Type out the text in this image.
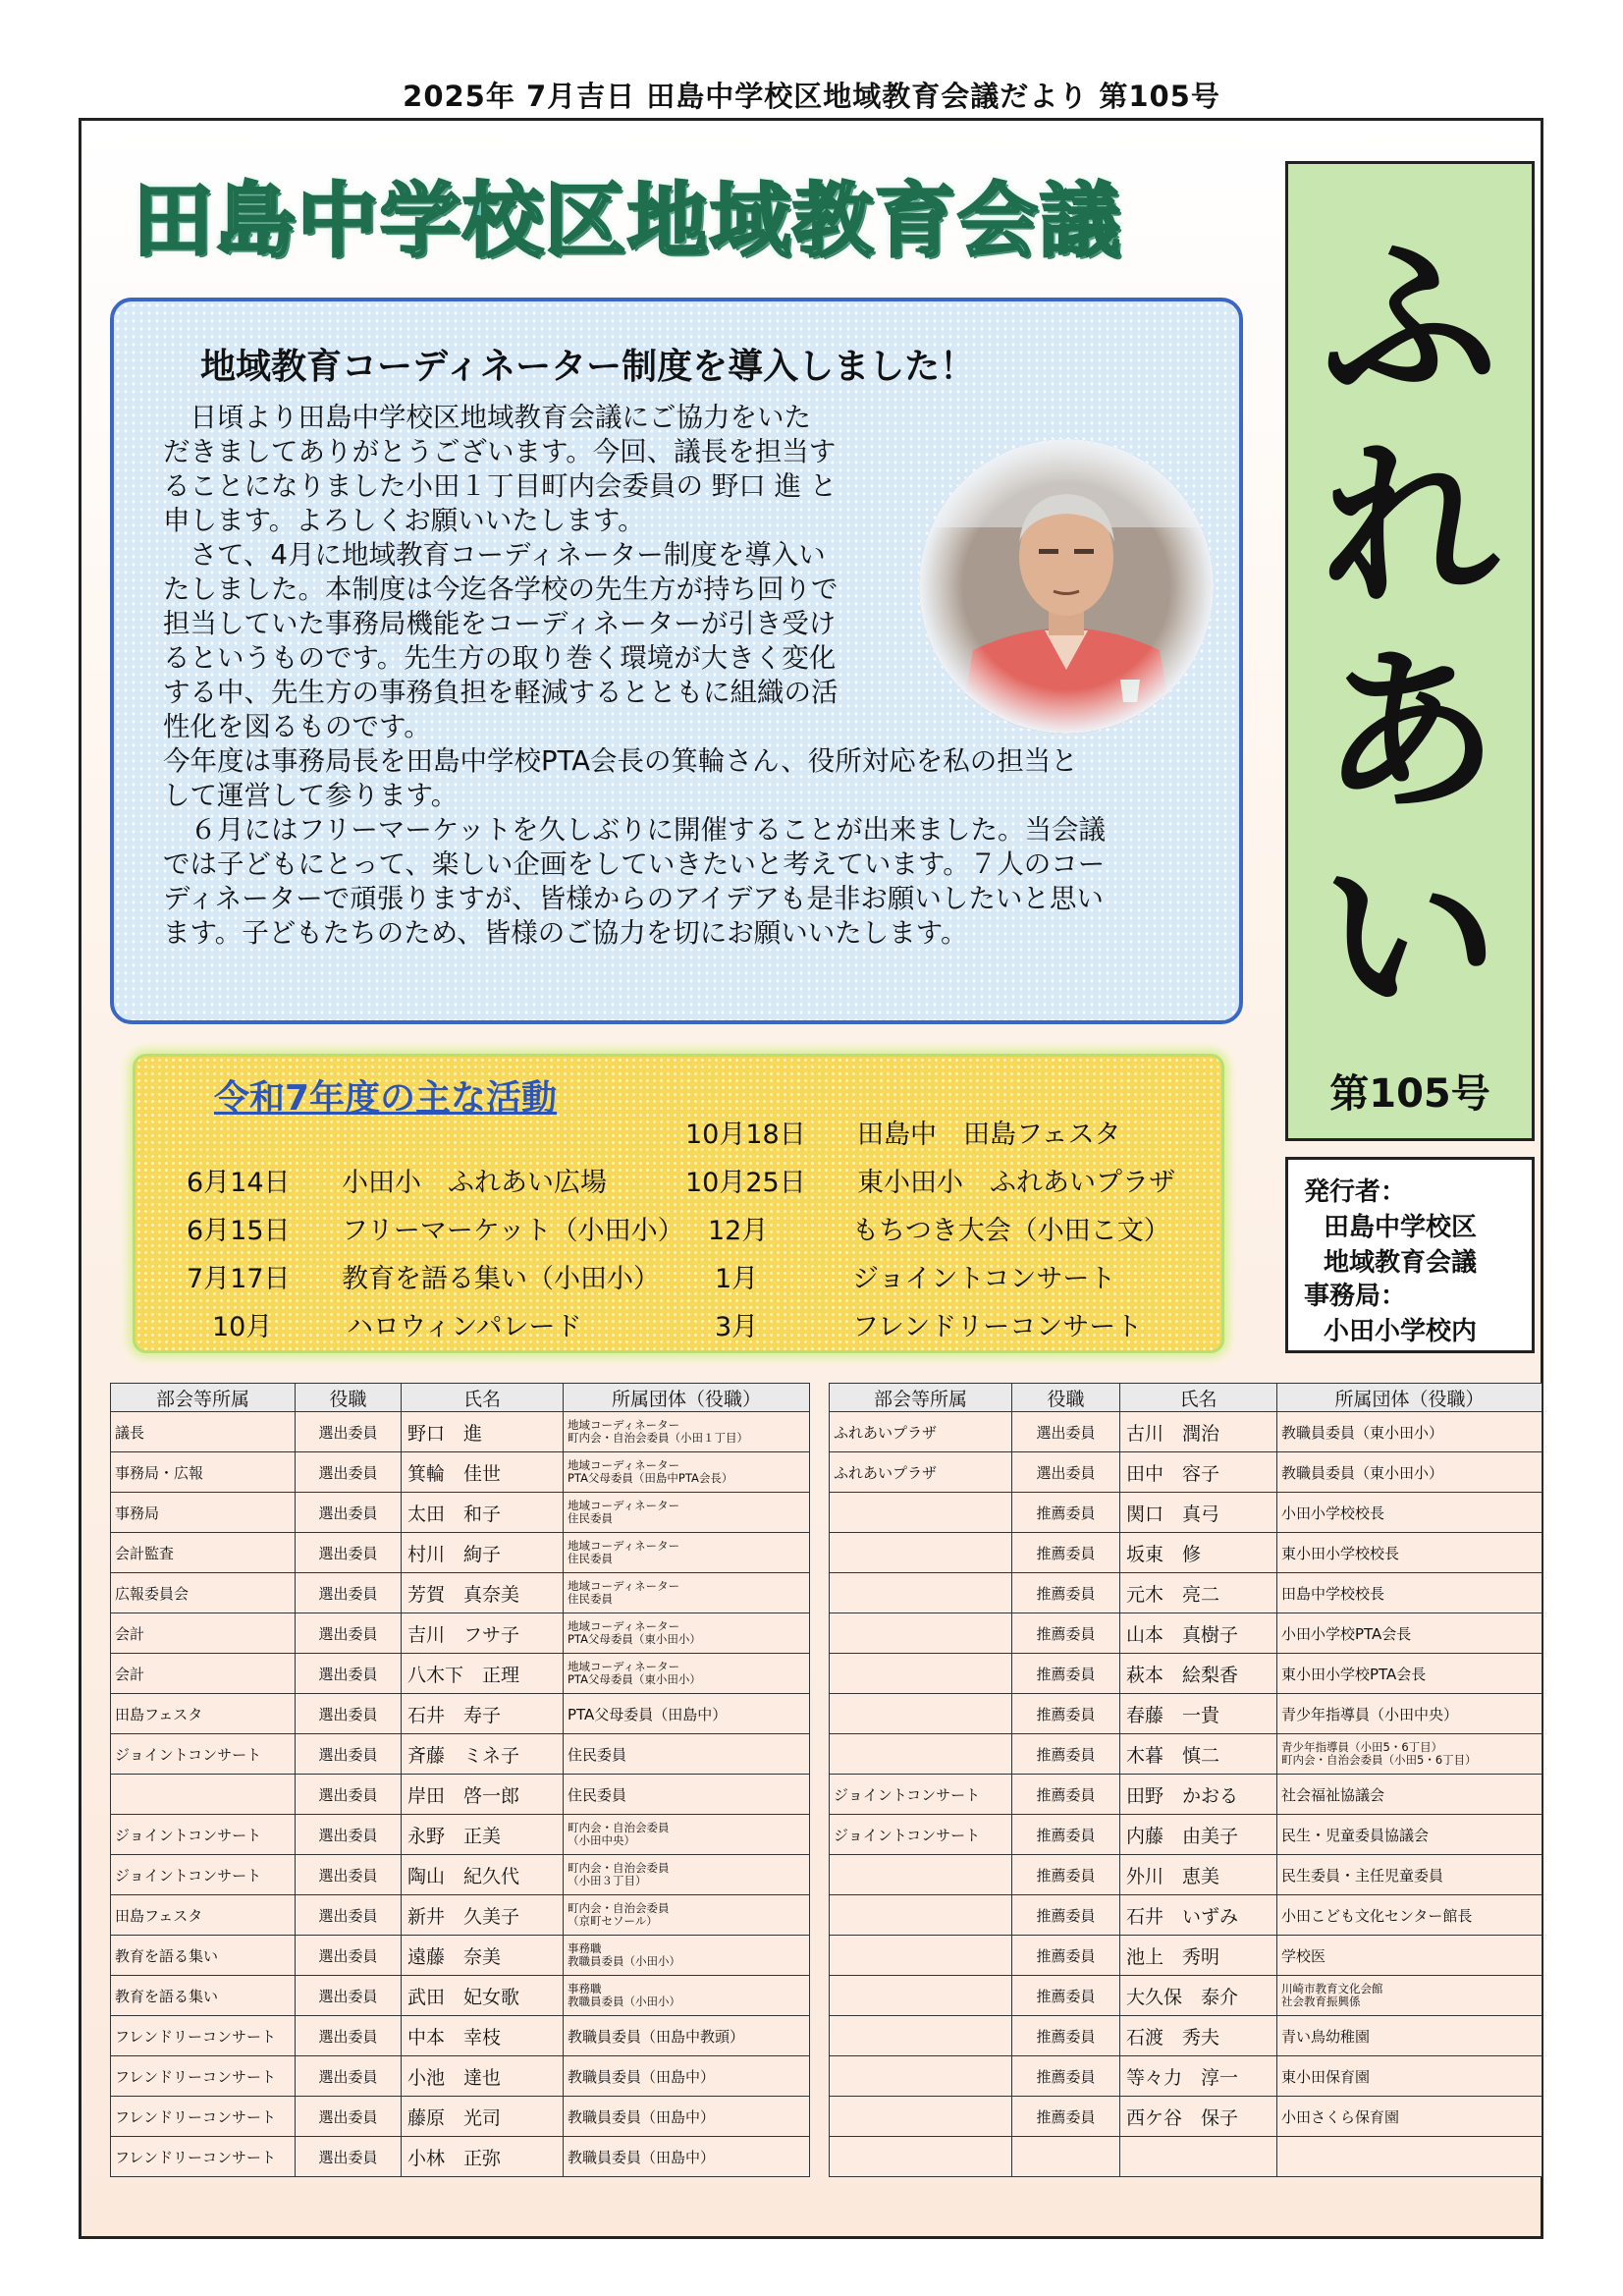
2025年 7月吉日 田島中学校区地域教育会議だより 第105号
田島中学校区地域教育会議 ふ
れ
あ
い
第105号
発行者：
田島中学校区
地域教育会議
事務局：
小田小学校内
地域教育コーディネーター制度を導入しました！

　日頃より田島中学校区地域教育会議にご協力をいた

だきましてありがとうございます。今回、議長を担当す

ることになりました小田１丁目町内会委員の 野口 進 と

申します。よろしくお願いいたします。

　さて、4月に地域教育コーディネーター制度を導入い

たしました。本制度は今迄各学校の先生方が持ち回りで

担当していた事務局機能をコーディネーターが引き受け

るというものです。先生方の取り巻く環境が大きく変化

する中、先生方の事務負担を軽減するとともに組織の活

性化を図るものです。

今年度は事務局長を田島中学校PTA会長の箕輪さん、役所対応を私の担当と

して運営して参ります。

　６月にはフリーマーケットを久しぶりに開催することが出来ました。当会議

では子どもにとって、楽しい企画をしていきたいと考えています。７人のコー

ディネーターで頑張りますが、皆様からのアイデアも是非お願いしたいと思い

ます。子どもたちのため、皆様のご協力を切にお願いいたします。

令和7年度の主な活動
10月18日 田島中　田島フェスタ
6月14日 小田小　ふれあい広場	10月25日 東小田小　ふれあいプラザ
6月15日 フリーマーケット（小田小） 12月	もちつき大会（小田こ文）
7月17日 教育を語る集い（小田小） 1月	ジョイントコンサート
10月	ハロウィンパレード	3月	フレンドリーコンサート
部会等所属	役職	氏名	所属団体（役職）
議長	選出委員	野口　進	地域コーディネーター
町内会・自治会委員（小田１丁目）

事務局・広報	選出委員	箕輪　佳世	地域コーディネーター
PTA父母委員（田島中PTA会長）

事務局	選出委員	太田　和子	地域コーディネーター
住民委員

会計監査	選出委員	村川　絢子	地域コーディネーター
住民委員

広報委員会	選出委員	芳賀　真奈美	地域コーディネーター
住民委員

会計	選出委員	吉川　フサ子	地域コーディネーター
PTA父母委員（東小田小）

会計	選出委員	八木下　正理	地域コーディネーター
PTA父母委員（東小田小）

田島フェスタ	選出委員	石井　寿子	PTA父母委員（田島中）

ジョイントコンサート	選出委員	斉藤　ミネ子	住民委員

	選出委員	岸田　啓一郎	住民委員

ジョイントコンサート	選出委員	永野　正美	町内会・自治会委員
（小田中央）

ジョイントコンサート	選出委員	陶山　紀久代	町内会・自治会委員
（小田３丁目）

田島フェスタ	選出委員	新井　久美子	町内会・自治会委員
（京町セソール）

教育を語る集い	選出委員	遠藤　奈美	事務職
教職員委員（小田小）

教育を語る集い	選出委員	武田　妃女歌	事務職
教職員委員（小田小）

フレンドリーコンサート	選出委員	中本　幸枝	教職員委員（田島中教頭）

フレンドリーコンサート	選出委員	小池　達也	教職員委員（田島中）

フレンドリーコンサート	選出委員	藤原　光司	教職員委員（田島中）

フレンドリーコンサート	選出委員	小林　正弥	教職員委員（田島中）
部会等所属	役職	氏名	所属団体（役職）
ふれあいプラザ	選出委員	古川　潤治	教職員委員（東小田小）

ふれあいプラザ	選出委員	田中　容子	教職員委員（東小田小）

	推薦委員	関口　真弓	小田小学校校長

	推薦委員	坂東　修	東小田小学校校長

	推薦委員	元木　亮二	田島中学校校長

	推薦委員	山本　真樹子	小田小学校PTA会長

	推薦委員	萩本　絵梨香	東小田小学校PTA会長

	推薦委員	春藤　一貴	青少年指導員（小田中央）

	推薦委員	木暮　慎二	青少年指導員（小田5・6丁目）
町内会・自治会委員（小田5・6丁目）

ジョイントコンサート	推薦委員	田野　かおる	社会福祉協議会

ジョイントコンサート	推薦委員	内藤　由美子	民生・児童委員協議会

	推薦委員	外川　恵美	民生委員・主任児童委員

	推薦委員	石井　いずみ	小田こども文化センター館長

	推薦委員	池上　秀明	学校医

	推薦委員	大久保　泰介	川崎市教育文化会館
社会教育振興係

	推薦委員	石渡　秀夫	青い鳥幼稚園

	推薦委員	等々力　淳一	東小田保育園

	推薦委員	西ケ谷　保子	小田さくら保育園
